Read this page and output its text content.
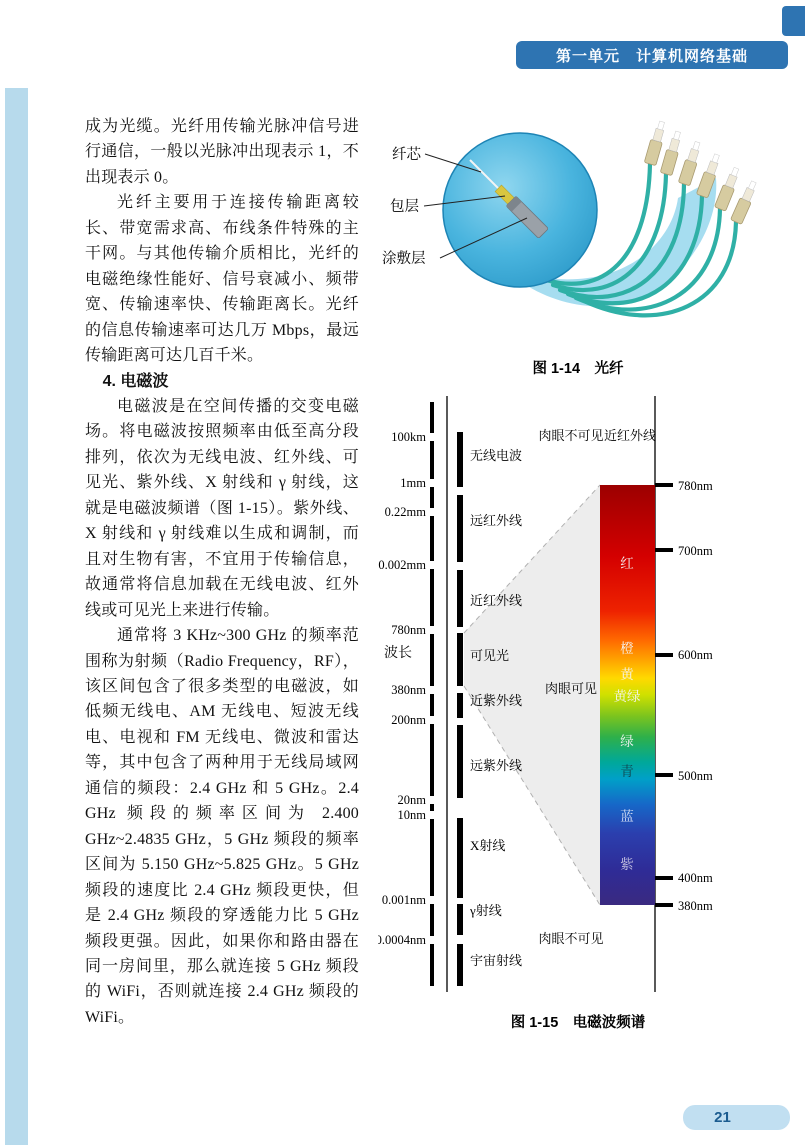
第一单元　计算机网络基础

成为光缆。光纤用传输光脉冲信号进行通信，一般以光脉冲出现表示 1，不出现表示 0。

光纤主要用于连接传输距离较长、带宽需求高、布线条件特殊的主干网。与其他传输介质相比，光纤的电磁绝缘性能好、信号衰减小、频带宽、传输速率快、传输距离长。光纤的信息传输速率可达几万 Mbps，最远传输距离可达几百千米。

4. 电磁波

电磁波是在空间传播的交变电磁场。将电磁波按照频率由低至高分段排列，依次为无线电波、红外线、可见光、紫外线、X 射线和 γ 射线，这就是电磁波频谱（图 1-15）。紫外线、X 射线和 γ 射线难以生成和调制，而且对生物有害，不宜用于传输信息，故通常将信息加载在无线电波、红外线或可见光上来进行传输。

通常将 3 KHz~300 GHz 的频率范围称为射频（Radio Frequency，RF），该区间包含了很多类型的电磁波，如低频无线电、AM 无线电、短波无线电、电视和 FM 无线电、微波和雷达等，其中包含了两种用于无线局域网通信的频段：2.4 GHz 和 5 GHz。2.4 GHz 频段的频率区间为 2.400 GHz~2.4835 GHz，5 GHz 频段的频率区间为 5.150 GHz~5.825 GHz。5 GHz 频段的速度比 2.4 GHz 频段更快，但是 2.4 GHz 频段的穿透能力比 5 GHz 频段更强。因此，如果你和路由器在同一房间里，那么就连接 5 GHz 频段的 WiFi，否则就连接 2.4 GHz 频段的 WiFi。

纤芯
包层
涂敷层
图 1-14　光纤
波长
100km
1mm
0.22mm
0.002mm
780nm
380nm
200nm
20nm
10nm
0.001nm
0.0004nm
无线电波
远红外线
近红外线
可见光
近紫外线
远紫外线
X射线
γ射线
宇宙射线
肉眼不可见
肉眼可见
肉眼不可见
近红外线
红
橙
黄
黄绿
绿
青
蓝
紫
780nm
700nm
600nm
500nm
400nm
380nm
图 1-15　电磁波频谱
21
